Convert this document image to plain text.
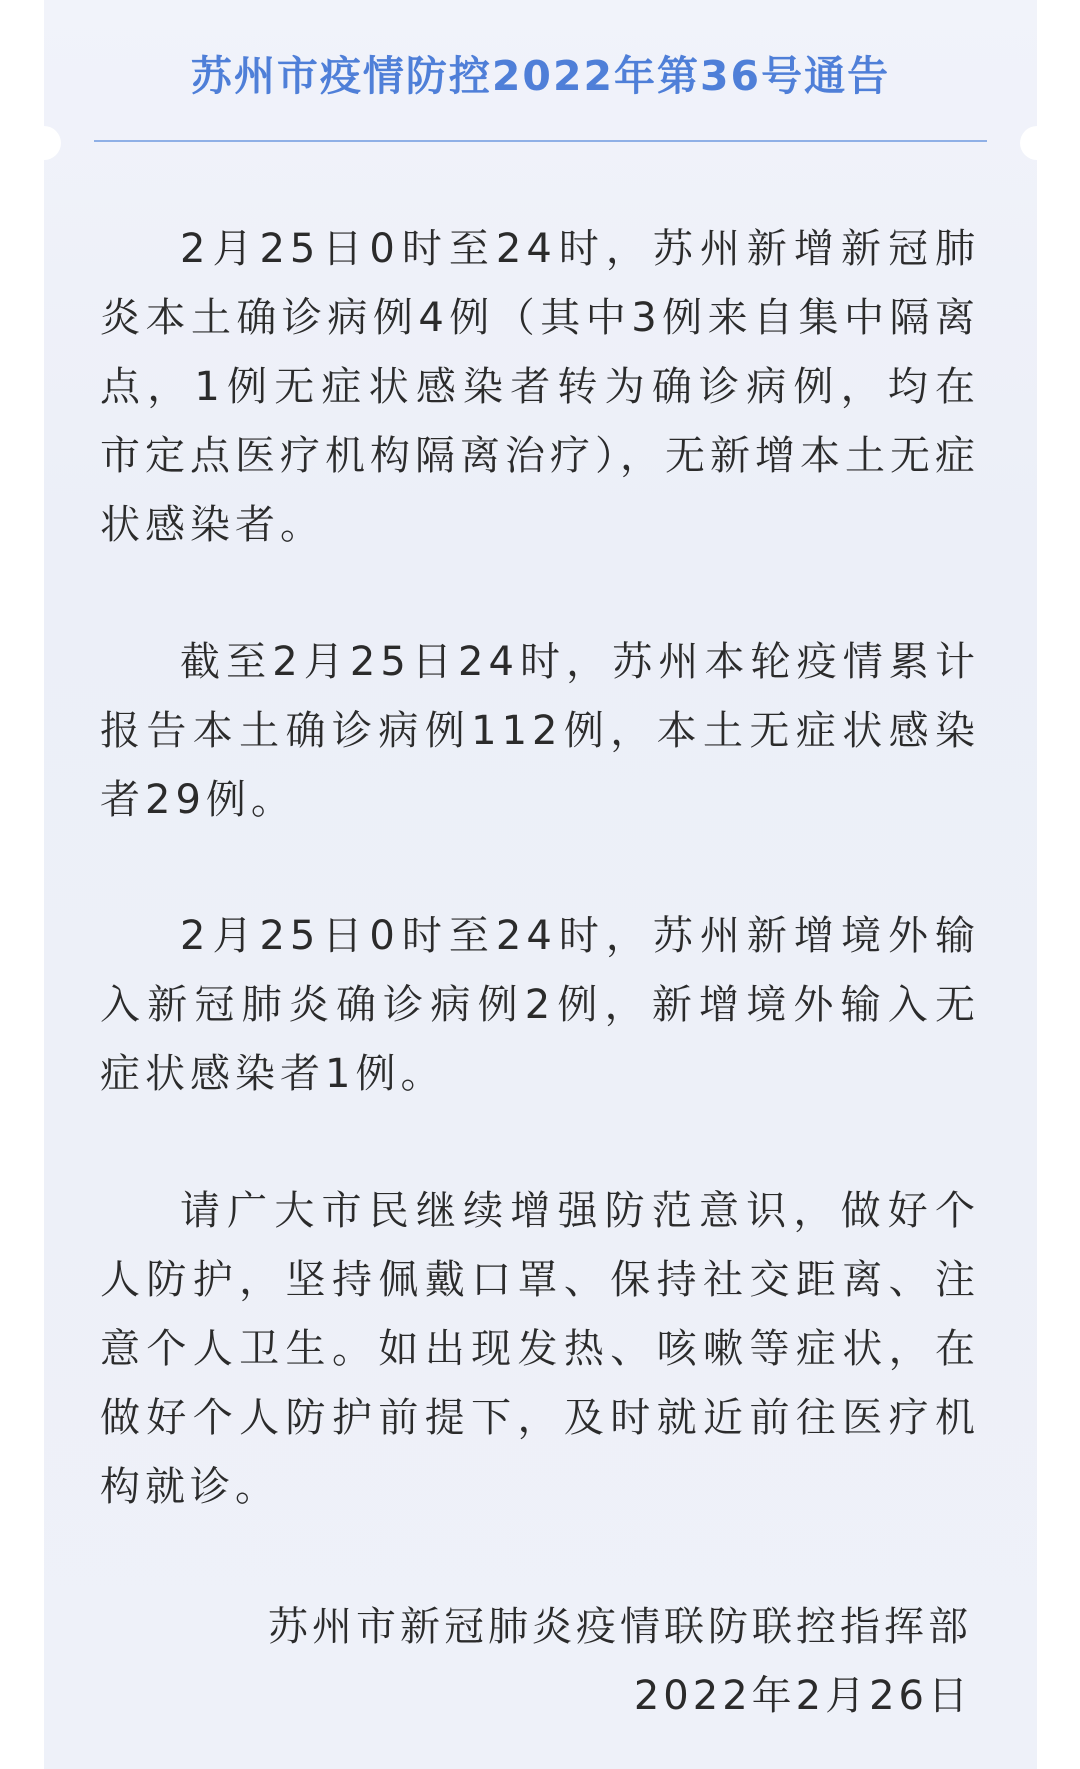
苏州市疫情防控2022年第36号通告
2月25日0时至24时，苏州新增新冠肺炎本土确诊病例4例（其中3例来自集中隔离点，1例无症状感染者转为确诊病例，均在市定点医疗机构隔离治疗），无新增本土无症状感染者。
截至2月25日24时，苏州本轮疫情累计报告本土确诊病例112例，本土无症状感染者29例。
2月25日0时至24时，苏州新增境外输入新冠肺炎确诊病例2例，新增境外输入无症状感染者1例。
请广大市民继续增强防范意识，做好个人防护，坚持佩戴口罩、保持社交距离、注意个人卫生。如出现发热、咳嗽等症状，在做好个人防护前提下，及时就近前往医疗机构就诊。
苏州市新冠肺炎疫情联防联控指挥部
2022年2月26日
